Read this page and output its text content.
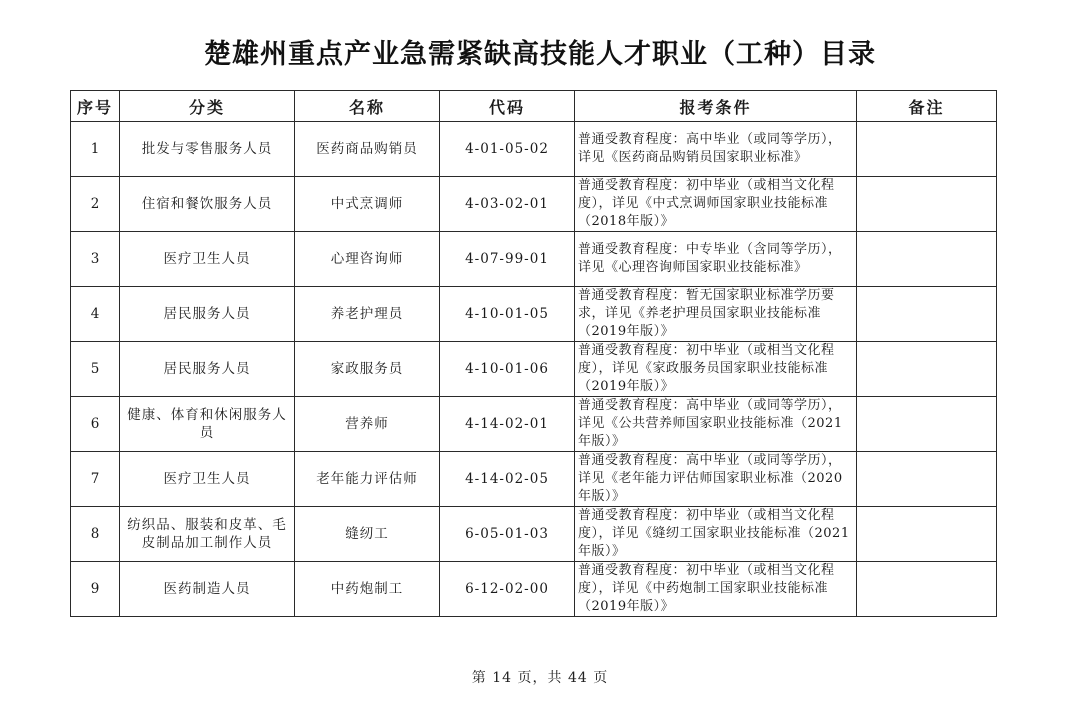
楚雄州重点产业急需紧缺高技能人才职业（工种）目录
序号	分类	名称	代码	报考条件	备注
1	批发与零售服务人员	医药商品购销员	4-01-05-02	普通受教育程度：高中毕业（或同等学历），详见《医药商品购销员国家职业标准》	
2	住宿和餐饮服务人员	中式烹调师	4-03-02-01	普通受教育程度：初中毕业（或相当文化程度），详见《中式烹调师国家职业技能标准（2018年版）》	
3	医疗卫生人员	心理咨询师	4-07-99-01	普通受教育程度：中专毕业（含同等学历），详见《心理咨询师国家职业技能标准》	
4	居民服务人员	养老护理员	4-10-01-05	普通受教育程度：暂无国家职业标准学历要求，详见《养老护理员国家职业技能标准（2019年版）》	
5	居民服务人员	家政服务员	4-10-01-06	普通受教育程度：初中毕业（或相当文化程度），详见《家政服务员国家职业技能标准（2019年版）》	
6	健康、体育和休闲服务人员	营养师	4-14-02-01	普通受教育程度：高中毕业（或同等学历），详见《公共营养师国家职业技能标准（2021年版）》	
7	医疗卫生人员	老年能力评估师	4-14-02-05	普通受教育程度：高中毕业（或同等学历），详见《老年能力评估师国家职业标准（2020年版）》	
8	纺织品、服装和皮革、毛皮制品加工制作人员	缝纫工	6-05-01-03	普通受教育程度：初中毕业（或相当文化程度），详见《缝纫工国家职业技能标准（2021年版）》	
9	医药制造人员	中药炮制工	6-12-02-00	普通受教育程度：初中毕业（或相当文化程度），详见《中药炮制工国家职业技能标准（2019年版）》	
第 14 页，共 44 页
